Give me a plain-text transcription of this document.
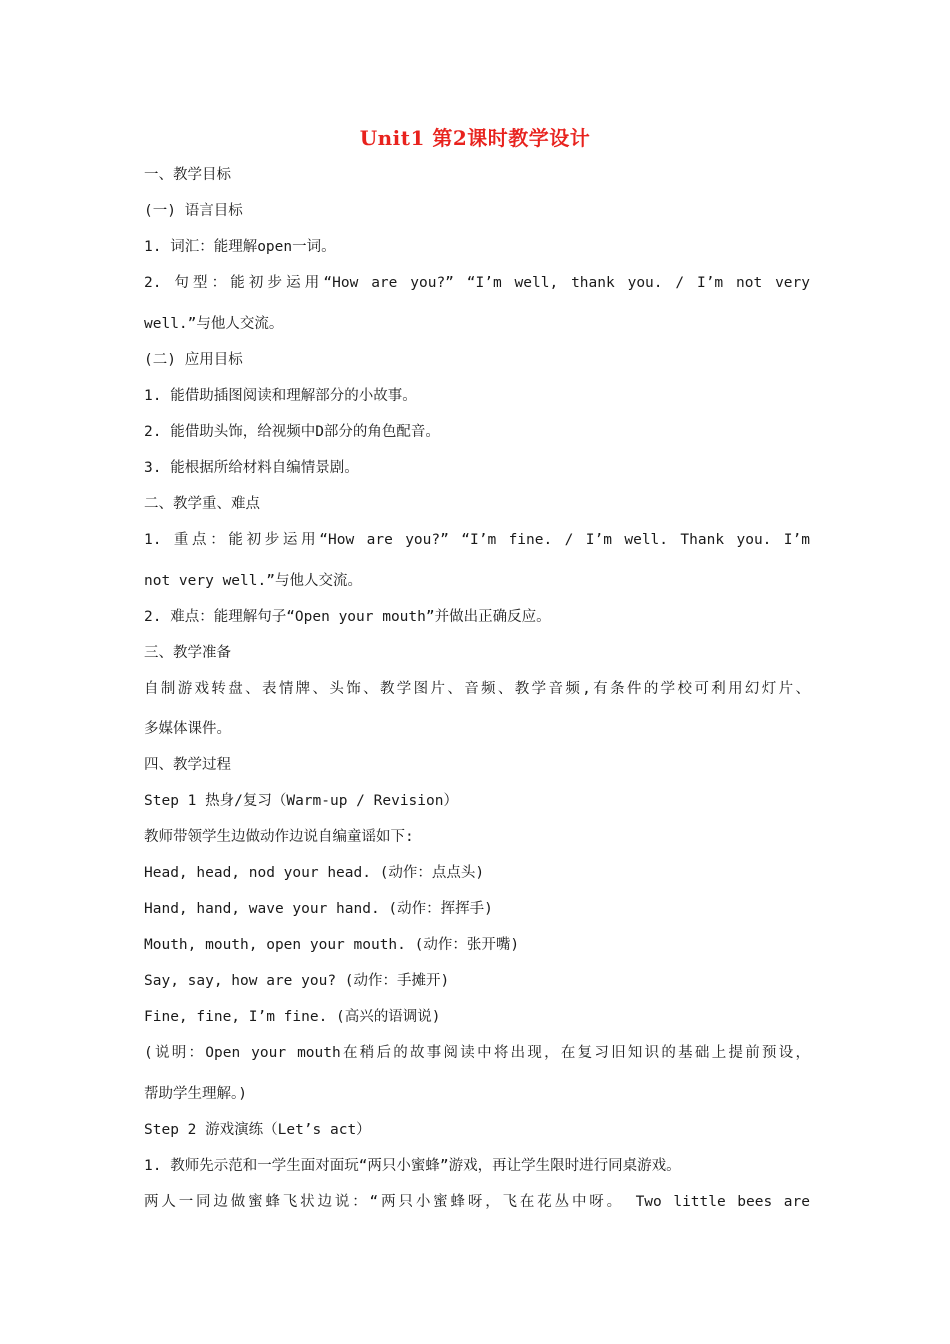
Unit1 第2课时教学设计
一、教学目标
(一) 语言目标
1. 词汇：能理解open一词。
2. 句型：能初步运用“How are you?” “I’m well, thank you. / I’m not very
well.”与他人交流。
(二) 应用目标
1. 能借助插图阅读和理解部分的小故事。
2. 能借助头饰，给视频中D部分的角色配音。
3. 能根据所给材料自编情景剧。
二、教学重、难点
1. 重点：能初步运用“How are you?” “I’m fine. / I’m well. Thank you. I’m
not very well.”与他人交流。
2. 难点：能理解句子“Open your mouth”并做出正确反应。
三、教学准备
自制游戏转盘、表情牌、头饰、教学图片、音频、教学音频,有条件的学校可利用幻灯片、
多媒体课件。
四、教学过程
Step 1 热身/复习（Warm-up / Revision）
教师带领学生边做动作边说自编童谣如下:
Head, head, nod your head. (动作：点点头)
Hand, hand, wave your hand. (动作：挥挥手)
Mouth, mouth, open your mouth. (动作：张开嘴)
Say, say, how are you? (动作：手摊开)
Fine, fine, I’m fine. (高兴的语调说)
(说明：Open your mouth在稍后的故事阅读中将出现，在复习旧知识的基础上提前预设，
帮助学生理解。)
Step 2 游戏演练（Let’s act）
1. 教师先示范和一学生面对面玩“两只小蜜蜂”游戏，再让学生限时进行同桌游戏。
两人一同边做蜜蜂飞状边说：“两只小蜜蜂呀，飞在花丛中呀。 Two little bees are
